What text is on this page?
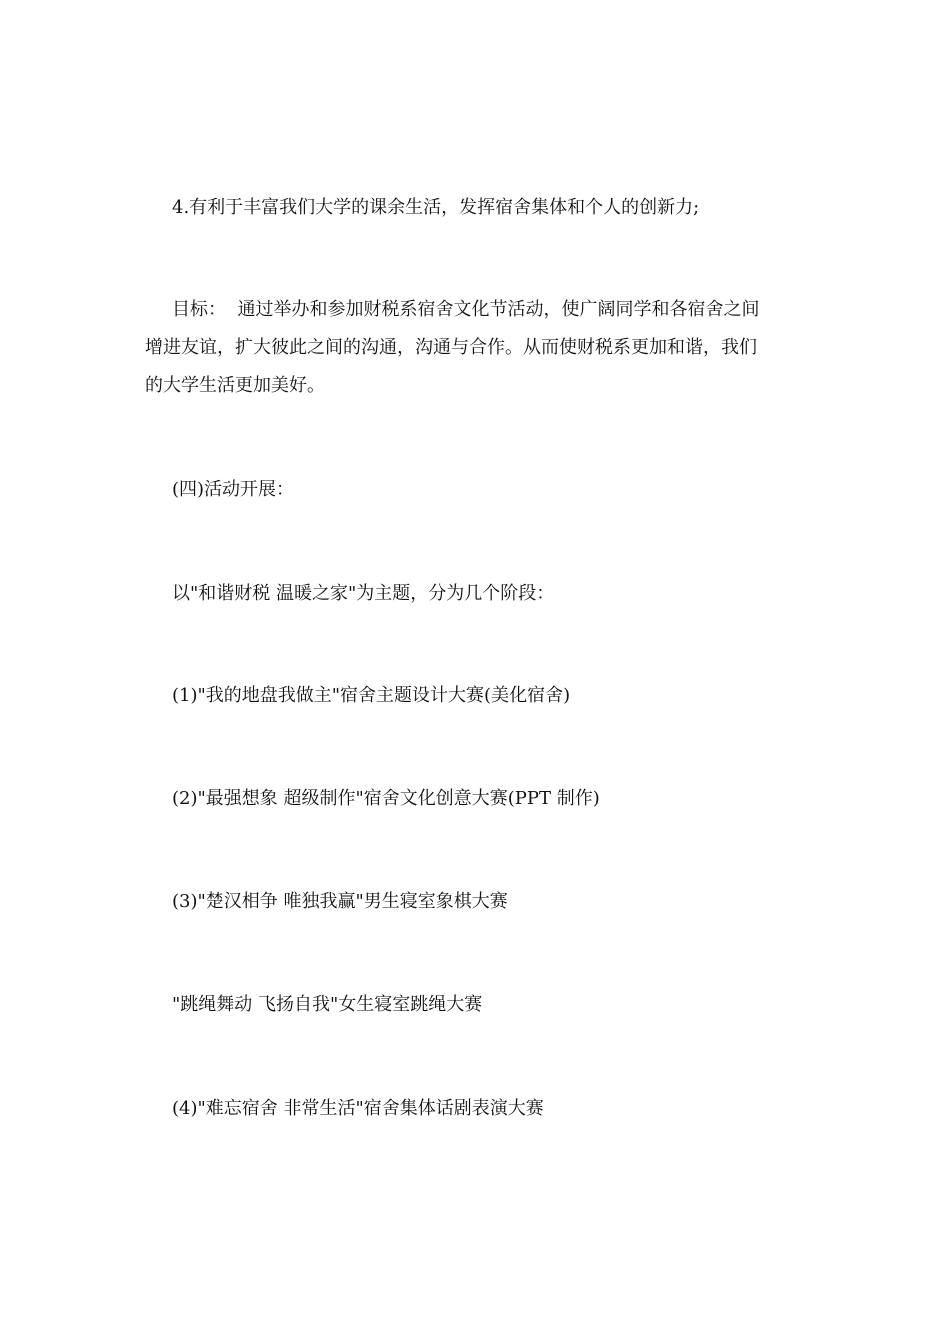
4.有利于丰富我们大学的课余生活，发挥宿舍集体和个人的创新力;
目标：  通过举办和参加财税系宿舍文化节活动，使广阔同学和各宿舍之间
增进友谊，扩大彼此之间的沟通，沟通与合作。从而使财税系更加和谐，我们
的大学生活更加美好。
(四)活动开展：
以"和谐财税 温暖之家"为主题，分为几个阶段：
(1)"我的地盘我做主"宿舍主题设计大赛(美化宿舍)
(2)"最强想象 超级制作"宿舍文化创意大赛(PPT 制作)
(3)"楚汉相争 唯独我赢"男生寝室象棋大赛
"跳绳舞动 飞扬自我"女生寝室跳绳大赛
(4)"难忘宿舍 非常生活"宿舍集体话剧表演大赛
